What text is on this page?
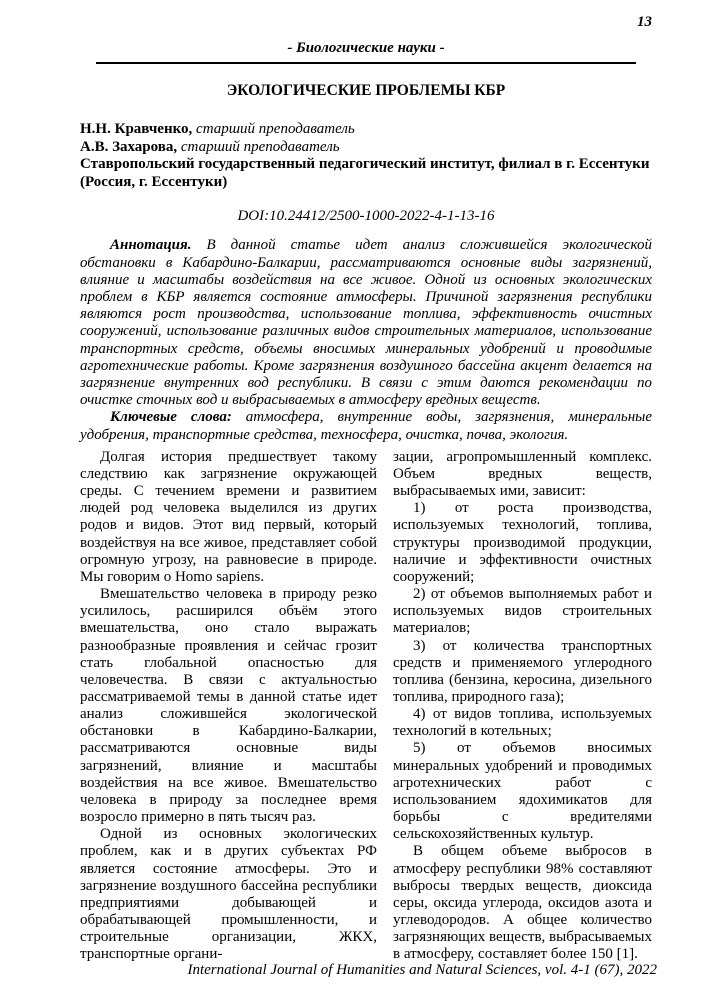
13
- Биологические науки -
ЭКОЛОГИЧЕСКИЕ ПРОБЛЕМЫ КБР
Н.Н. Кравченко, старший преподаватель
А.В. Захарова, старший преподаватель
Ставропольский государственный педагогический институт, филиал в г. Ессентуки
(Россия, г. Ессентуки)
DOI:10.24412/2500-1000-2022-4-1-13-16

Аннотация. В данной статье идет анализ сложившейся экологической обстановки в Кабардино-Балкарии, рассматриваются основные виды загрязнений, влияние и масштабы воздействия на все живое. Одной из основных экологических проблем в КБР является состояние атмосферы. Причиной загрязнения республики являются рост производства, использование топлива, эффективность очистных сооружений, использование различных видов строительных материалов, использование транспортных средств, объемы вносимых минеральных удобрений и проводимые агротехнические работы. Кроме загрязнения воздушного бассейна акцент делается на загрязнение внутренних вод республики. В связи с этим даются рекомендации по очистке сточных вод и выбрасываемых в атмосферу вредных веществ.

Ключевые слова: атмосфера, внутренние воды, загрязнения, минеральные удобрения, транспортные средства, техносфера, очистка, почва, экология.

Долгая история предшествует такому следствию как загрязнение окружающей среды. С течением времени и развитием людей род человека выделился из других родов и видов. Этот вид первый, который воздействуя на все живое, представляет собой огромную угрозу, на равновесие в природе. Мы говорим о Homo sapiens.

Вмешательство человека в природу резко усилилось, расширился объём этого вмешательства, оно стало выражать разнообразные проявления и сейчас грозит стать глобальной опасностью для человечества. В связи с актуальностью рассматриваемой темы в данной статье идет анализ сложившейся экологической обстановки в Кабардино-Балкарии, рассматриваются основные виды загрязнений, влияние и масштабы воздействия на все живое. Вмешательство человека в природу за последнее время возросло примерно в пять тысяч раз.

Одной из основных экологических проблем, как и в других субъектах РФ является состояние атмосферы. Это и загрязнение воздушного бассейна республики предприятиями добывающей и обрабатывающей промышленности, и строительные организации, ЖКХ, транспортные органи-

зации, агропромышленный комплекс. Объем вредных веществ, выбрасываемых ими, зависит:

1) от роста производства, используемых технологий, топлива, структуры производимой продукции, наличие и эффективности очистных сооружений;

2) от объемов выполняемых работ и используемых видов строительных материалов;

3) от количества транспортных средств и применяемого углеродного топлива (бензина, керосина, дизельного топлива, природного газа);

4) от видов топлива, используемых технологий в котельных;

5) от объемов вносимых минеральных удобрений и проводимых агротехнических работ с использованием ядохимикатов для борьбы с вредителями сельскохозяйственных культур.

В общем объеме выбросов в атмосферу республики 98% составляют выбросы твердых веществ, диоксида серы, оксида углерода, оксидов азота и углеводородов. А общее количество загрязняющих веществ, выбрасываемых в атмосферу, составляет более 150 [1].

International Journal of Humanities and Natural Sciences, vol. 4-1 (67), 2022
